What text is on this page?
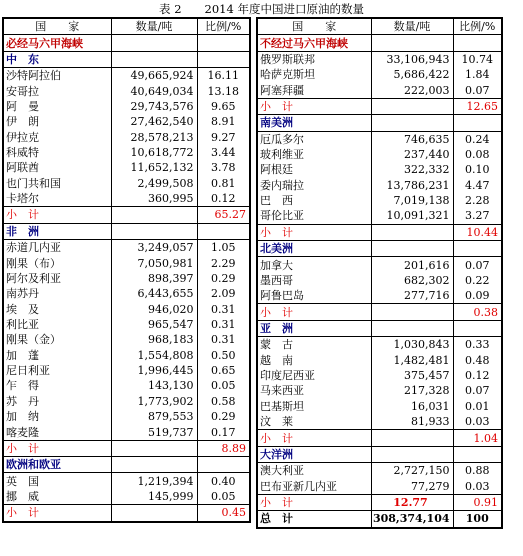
表 2　　2014 年度中国进口原油的数量
国　　家	数量/吨	比例/%
必经马六甲海峡		
中　东		
沙特阿拉伯	49,665,924	16.11
安哥拉	40,649,034	13.18
阿　曼	29,743,576	9.65
伊　朗	27,462,540	8.91
伊拉克	28,578,213	9.27
科威特	10,618,772	3.44
阿联酋	11,652,132	3.78
也门共和国	2,499,508	0.81
卡塔尔	360,995	0.12
小　计		65.27
非　洲		
赤道几内亚	3,249,057	1.05
刚果（布）	7,050,981	2.29
阿尔及利亚	898,397	0.29
南苏丹	6,443,655	2.09
埃　及	946,020	0.31
利比亚	965,547	0.31
刚果（金）	968,183	0.31
加　蓬	1,554,808	0.50
尼日利亚	1,996,445	0.65
乍　得	143,130	0.05
苏　丹	1,773,902	0.58
加　纳	879,553	0.29
喀麦隆	519,737	0.17
小　计		8.89
欧洲和欧亚		
英　国	1,219,394	0.40
挪　威	145,999	0.05
小　计		0.45
国　　家	数量/吨	比例/%
不经过马六甲海峡		
俄罗斯联邦	33,106,943	10.74
哈萨克斯坦	5,686,422	1.84
阿塞拜疆	222,003	0.07
小　计		12.65
南美洲		
厄瓜多尔	746,635	0.24
玻利维亚	237,440	0.08
阿根廷	322,332	0.10
委内瑞拉	13,786,231	4.47
巴　西	7,019,138	2.28
哥伦比亚	10,091,321	3.27
小　计		10.44
北美洲		
加拿大	201,616	0.07
墨西哥	682,302	0.22
阿鲁巴岛	277,716	0.09
小　计		0.38
亚　洲		
蒙　古	1,030,843	0.33
越　南	1,482,481	0.48
印度尼西亚	375,457	0.12
马来西亚	217,328	0.07
巴基斯坦	16,031	0.01
汶　莱	81,933	0.03
小　计		1.04
大洋洲		
澳大利亚	2,727,150	0.88
巴布亚新几内亚	77,279	0.03
小　计	12.77	0.91
总　计	308,374,104	100
